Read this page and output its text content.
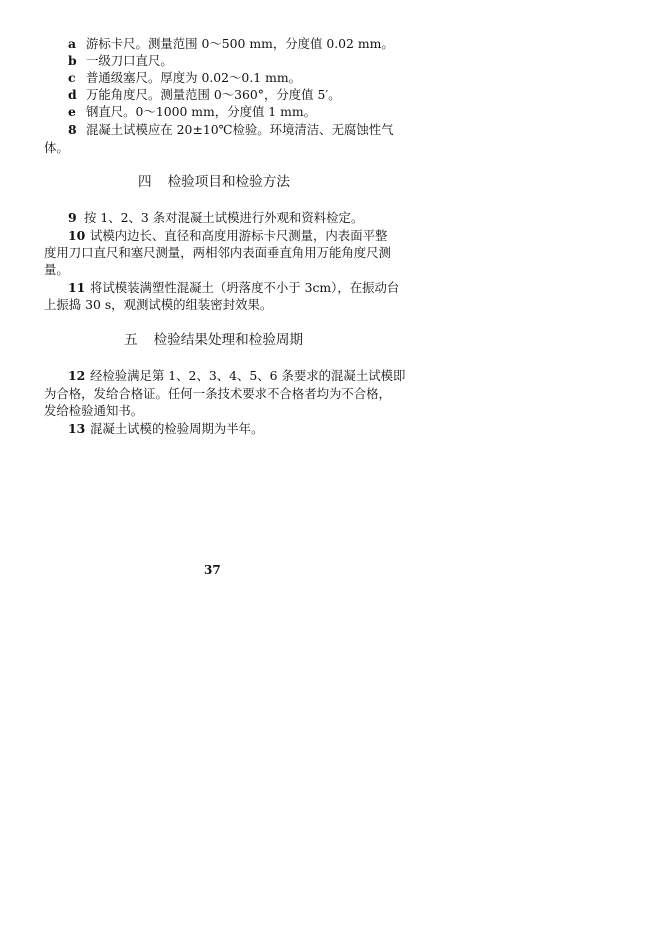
a 游标卡尺。测量范围 0～500 mm，分度值 0.02 mm。
b 一级刀口直尺。
c 普通级塞尺。厚度为 0.02～0.1 mm。
d 万能角度尺。测量范围 0～360°，分度值 5′。
e 钢直尺。0～1000 mm，分度值 1 mm。
8 混凝土试模应在 20±10℃检验。环境清洁、无腐蚀性气
体。
四 检验项目和检验方法
9 按 1、2、3 条对混凝土试模进行外观和资料检定。
10 试模内边长、直径和高度用游标卡尺测量，内表面平整
度用刀口直尺和塞尺测量，两相邻内表面垂直角用万能角度尺测
量。
11 将试模装满塑性混凝土（坍落度不小于 3cm），在振动台
上振捣 30 s，观测试模的组装密封效果。
五 检验结果处理和检验周期
12 经检验满足第 1、2、3、4、5、6 条要求的混凝土试模即
为合格，发给合格证。任何一条技术要求不合格者均为不合格，
发给检验通知书。
13 混凝土试模的检验周期为半年。
37
